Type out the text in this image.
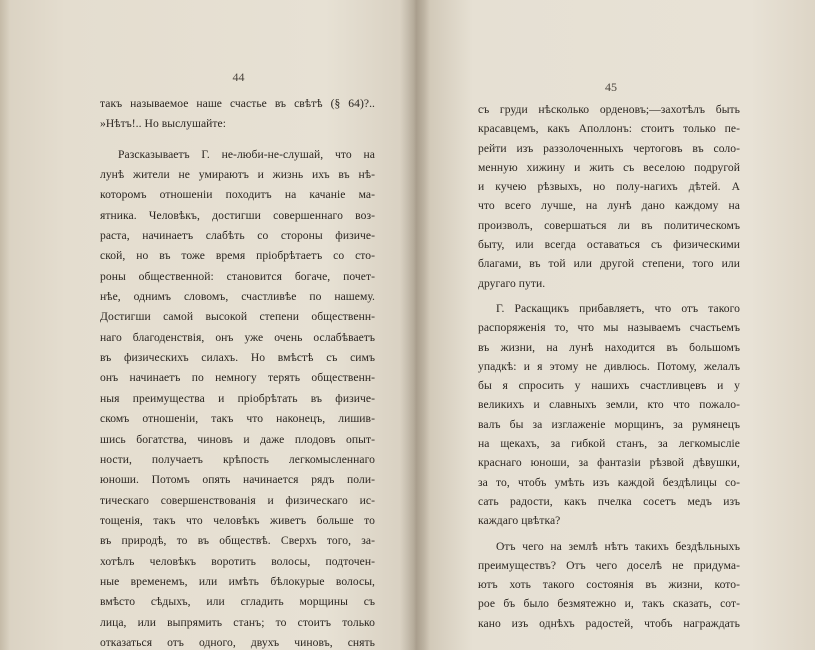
44
такъ называемое наше счастье въ свѣтѣ (§ 64)?..
»Нѣтъ!.. Но выслушайте:
Разсказываетъ Г. не-люби-не-слушай, что на
лунѣ жители не умираютъ и жизнь ихъ въ нѣ-
которомъ отношеніи походитъ на качаніе ма-
ятника. Человѣкъ, достигши совершеннаго воз-
раста, начинаетъ слабѣть со стороны физиче-
ской, но въ тоже время пріобрѣтаетъ со сто-
роны общественной: становится богаче, почет-
нѣе, однимъ словомъ, счастливѣе по нашему.
Достигши самой высокой степени общественн-
наго благоденствія, онъ уже очень ослабѣваетъ
въ физическихъ силахъ. Но вмѣстѣ съ симъ
онъ начинаетъ по немногу терять общественн-
ныя преимущества и пріобрѣтать въ физиче-
скомъ отношеніи, такъ что наконецъ, лишив-
шись богатства, чиновъ и даже плодовъ опыт-
ности, получаетъ крѣпость легкомысленнаго
юноши. Потомъ опять начинается рядъ поли-
тическаго совершенствованія и физическаго ис-
тощенія, такъ что человѣкъ живетъ больше то
въ природѣ, то въ обществѣ. Сверхъ того, за-
хотѣлъ человѣкъ воротить волосы, подточен-
ные временемъ, или имѣть бѣлокурые волосы,
вмѣсто сѣдыхъ, или сгладить морщины съ
лица, или выпрямить станъ; то стоитъ только
отказаться отъ одного, двухъ чиновъ, снять
45
съ груди нѣсколько орденовъ;—захотѣлъ быть
красавцемъ, какъ Аполлонъ: стоитъ только пе-
рейти изъ раззолоченныхъ чертоговъ въ соло-
менную хижину и жить съ веселою подругой
и кучею рѣзвыхъ, но полу-нагихъ дѣтей. А
что всего лучше, на лунѣ дано каждому на
произволъ, совершаться ли въ политическомъ
быту, или всегда оставаться съ физическими
благами, въ той или другой степени, того или
другаго пути.
Г. Раскащикъ прибавляетъ, что отъ такого
распоряженія то, что мы называемъ счастьемъ
въ жизни, на лунѣ находится въ большомъ
упадкѣ: и я этому не дивлюсь. Потому, желалъ
бы я спросить у нашихъ счастливцевъ и у
великихъ и славныхъ земли, кто что пожало-
валъ бы за изглаженіе морщинъ, за румянецъ
на щекахъ, за гибкой станъ, за легкомысліе
краснаго юноши, за фантазіи рѣзвой дѣвушки,
за то, чтобъ умѣть изъ каждой бездѣлицы со-
сать радости, какъ пчелка сосетъ медъ изъ
каждаго цвѣтка?
Отъ чего на землѣ нѣтъ такихъ бездѣльныхъ
преимуществъ? Отъ чего доселѣ не придума-
ютъ хоть такого состоянія въ жизни, кото-
рое бъ было безмятежно и, такъ сказать, сот-
кано изъ однѣхъ радостей, чтобъ награждать
